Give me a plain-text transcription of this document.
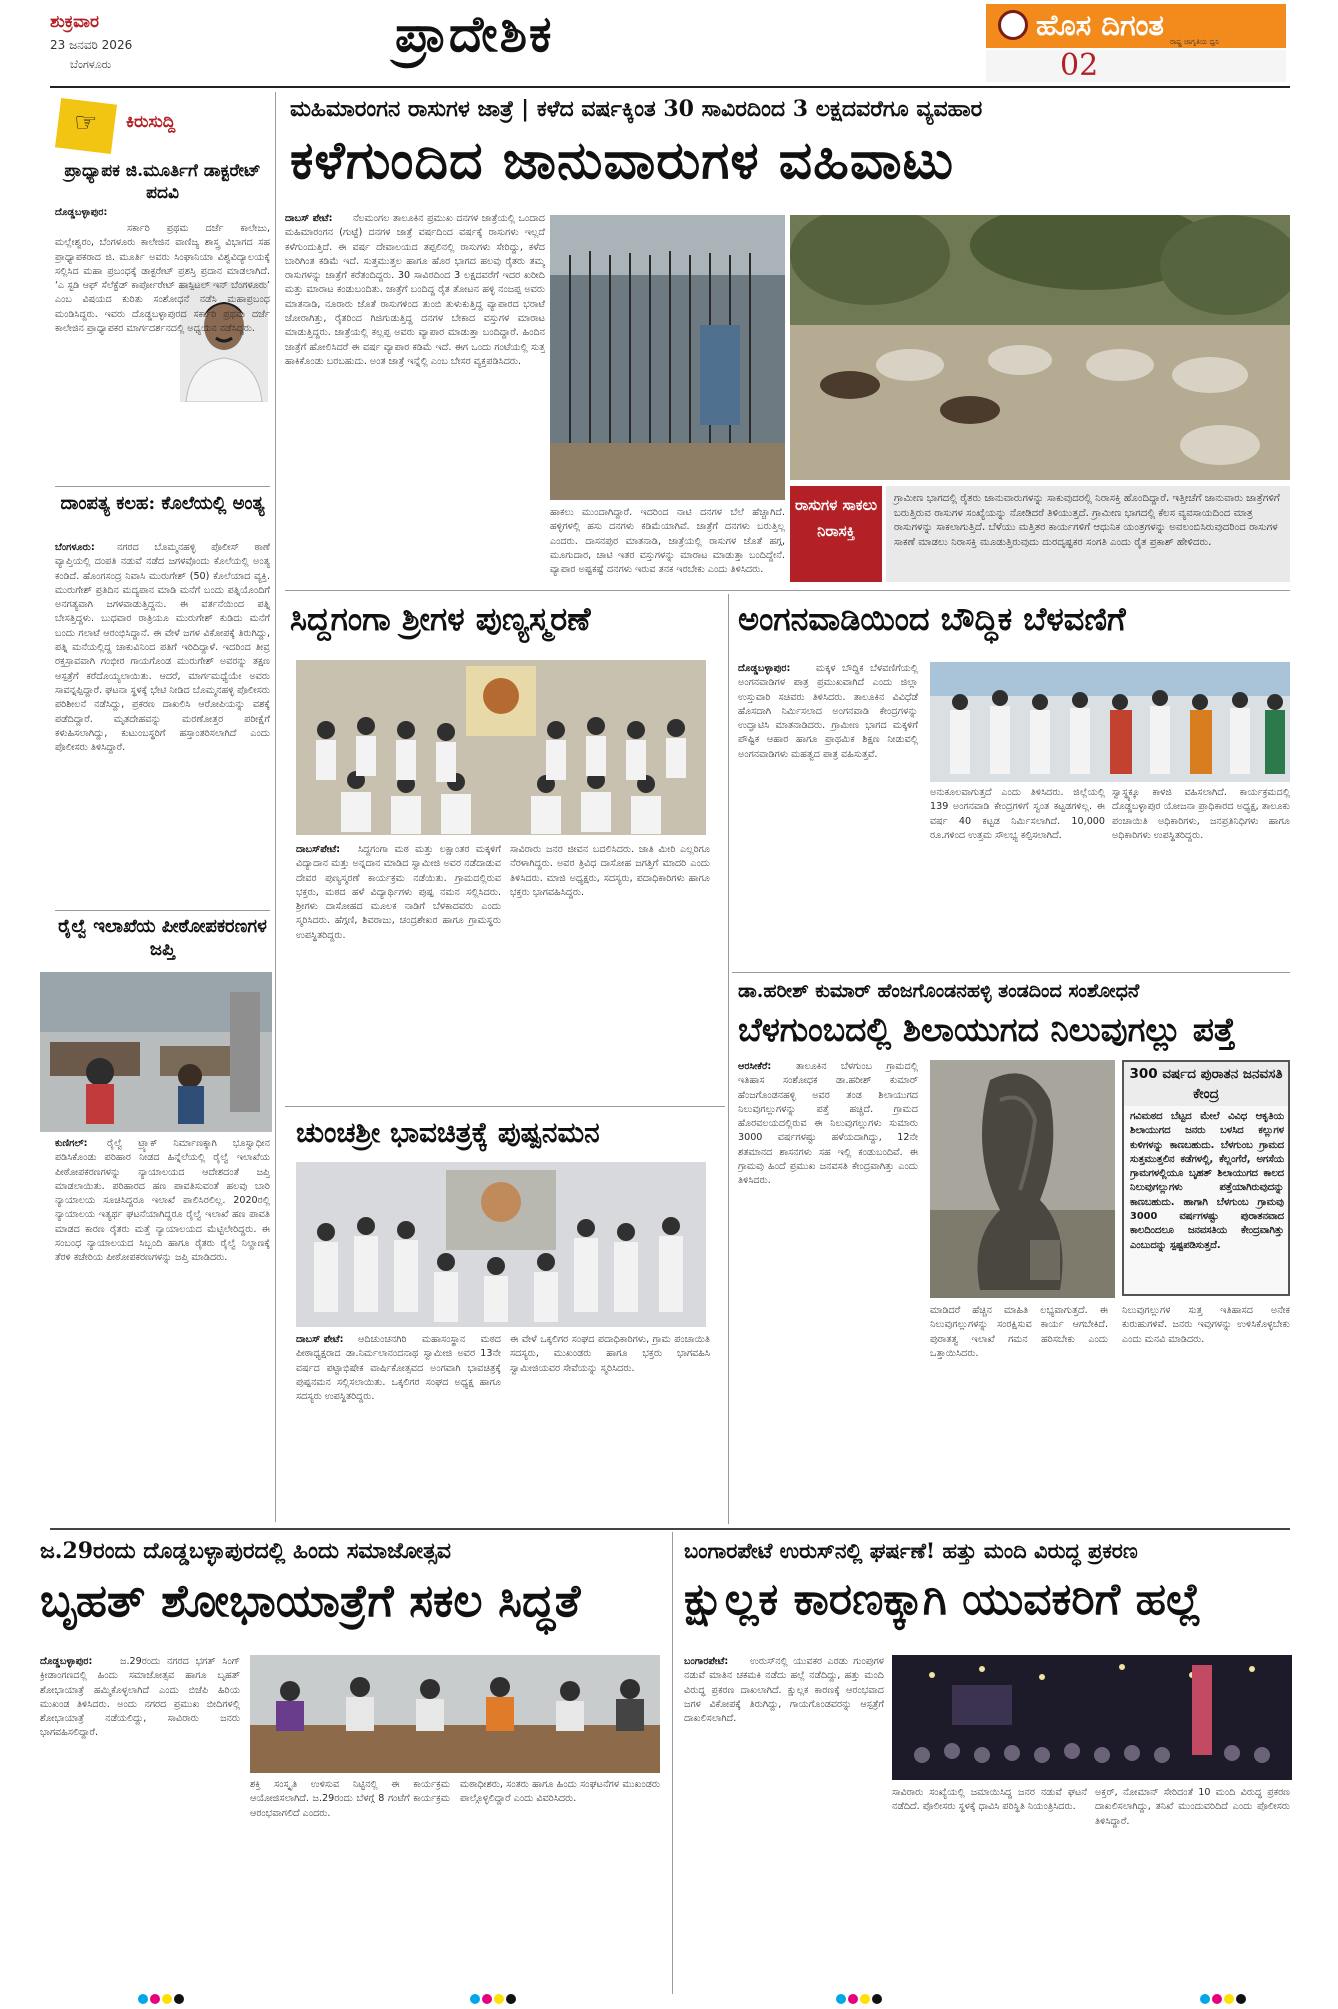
ಶುಕ್ರವಾರ
23 ಜನವರಿ 2026
ಬೆಂಗಳೂರು
ಪ್ರಾದೇಶಿಕ	ಹೊಸ ದಿಗಂತ ರಾಷ್ಟ್ರ ಜಾಗೃತಿಯ ಧ್ವನಿ
02
☞ ಕಿರುಸುದ್ದಿ
ಪ್ರಾಧ್ಯಾಪಕ ಜಿ.ಮೂರ್ತಿಗೆ ಡಾಕ್ಟರೇಟ್ ಪದವಿ
ದೊಡ್ಡಬಳ್ಳಾಪುರ:
ಸರ್ಕಾರಿ ಪ್ರಥಮ ದರ್ಜೆ ಕಾಲೇಜು, ಮಲ್ಲೇಶ್ವರಂ, ಬೆಂಗಳೂರು ಕಾಲೇಜಿನ ವಾಣಿಜ್ಯ ಶಾಸ್ತ್ರ ವಿಭಾಗದ ಸಹ ಪ್ರಾಧ್ಯಾಪಕರಾದ ಜಿ. ಮೂರ್ತಿ ಅವರು ಸಿಂಘಾನಿಯಾ ವಿಶ್ವವಿದ್ಯಾಲಯಕ್ಕೆ ಸಲ್ಲಿಸಿದ ಮಹಾ ಪ್ರಬಂಧಕ್ಕೆ ಡಾಕ್ಟರೇಟ್ ಪ್ರಶಸ್ತಿ ಪ್ರದಾನ ಮಾಡಲಾಗಿದೆ. ‘ಎ ಸ್ಟಡಿ ಆಫ್ ಸೆಲೆಕ್ಟೆಡ್ ಕಾರ್ಪೋರೇಟ್ ಹಾಸ್ಪಿಟಲ್ ಇನ್ ಬೆಂಗಳೂರು’ ಎಂಬ ವಿಷಯದ ಕುರಿತು ಸಂಶೋಧನೆ ನಡೆಸಿ ಮಹಾಪ್ರಬಂಧ ಮಂಡಿಸಿದ್ದರು. ಇವರು ದೊಡ್ಡಬಳ್ಳಾಪುರದ ಸರ್ಕಾರಿ ಪ್ರಥಮ ದರ್ಜೆ ಕಾಲೇಜಿನ ಪ್ರಾಧ್ಯಾಪಕರ ಮಾರ್ಗದರ್ಶನದಲ್ಲಿ ಅಧ್ಯಯನ ನಡೆಸಿದ್ದರು.
ದಾಂಪತ್ಯ ಕಲಹ: ಕೊಲೆಯಲ್ಲಿ ಅಂತ್ಯ
ಬೆಂಗಳೂರು:	ನಗರದ ಬೊಮ್ಮನಹಳ್ಳಿ ಪೊಲೀಸ್ ಠಾಣೆ ವ್ಯಾಪ್ತಿಯಲ್ಲಿ ದಂಪತಿ ನಡುವೆ ನಡೆದ ಜಗಳವೊಂದು ಕೊಲೆಯಲ್ಲಿ ಅಂತ್ಯ ಕಂಡಿದೆ. ಹೊಂಗಸಂದ್ರ ನಿವಾಸಿ ಮುರುಗೇಶ್ (50) ಕೊಲೆಯಾದ ವ್ಯಕ್ತಿ. ಮುರುಗೇಶ್ ಪ್ರತಿದಿನ ಮದ್ಯಪಾನ ಮಾಡಿ ಮನೆಗೆ ಬಂದು ಪತ್ನಿಯೊಂದಿಗೆ ಅನಗತ್ಯವಾಗಿ ಜಗಳವಾಡುತ್ತಿದ್ದನು. ಈ ವರ್ತನೆಯಿಂದ ಪತ್ನಿ ಬೇಸತ್ತಿದ್ದಳು. ಬುಧವಾರ ರಾತ್ರಿಯೂ ಮುರುಗೇಶ್ ಕುಡಿದು ಮನೆಗೆ ಬಂದು ಗಲಾಟೆ ಆರಂಭಿಸಿದ್ದಾನೆ. ಈ ವೇಳೆ ಜಗಳ ವಿಕೋಪಕ್ಕೆ ತಿರುಗಿದ್ದು, ಪತ್ನಿ ಮನೆಯಲ್ಲಿದ್ದ ಚಾಕುವಿನಿಂದ ಪತಿಗೆ ಇರಿದಿದ್ದಾಳೆ. ಇದರಿಂದ ತೀವ್ರ ರಕ್ತಸ್ರಾವವಾಗಿ ಗಂಭೀರ ಗಾಯಗೊಂಡ ಮುರುಗೇಶ್ ಅವರನ್ನು ತಕ್ಷಣ ಆಸ್ಪತ್ರೆಗೆ ಕರೆದೊಯ್ಯಲಾಯಿತು. ಆದರೆ, ಮಾರ್ಗಮಧ್ಯೆಯೇ ಅವರು ಸಾವನ್ನಪ್ಪಿದ್ದಾರೆ. ಘಟನಾ ಸ್ಥಳಕ್ಕೆ ಭೇಟಿ ನೀಡಿದ ಬೊಮ್ಮನಹಳ್ಳಿ ಪೊಲೀಸರು ಪರಿಶೀಲನೆ ನಡೆಸಿದ್ದು, ಪ್ರಕರಣ ದಾಖಲಿಸಿ ಆರೋಪಿಯನ್ನು ವಶಕ್ಕೆ ಪಡೆದಿದ್ದಾರೆ. ಮೃತದೇಹವನ್ನು ಮರಣೋತ್ತರ ಪರೀಕ್ಷೆಗೆ ಕಳುಹಿಸಲಾಗಿದ್ದು, ಕುಟುಂಬಸ್ಥರಿಗೆ ಹಸ್ತಾಂತರಿಸಲಾಗಿದೆ ಎಂದು ಪೊಲೀಸರು ತಿಳಿಸಿದ್ದಾರೆ.
ರೈಲ್ವೆ ಇಲಾಖೆಯ ಪೀಠೋಪಕರಣಗಳ ಜಪ್ತಿ
ಕುಣಿಗಲ್:	ರೈಲ್ವೆ ಟ್ರ್ಯಾಕ್ ನಿರ್ಮಾಣಕ್ಕಾಗಿ ಭೂಸ್ವಾಧೀನ ಪಡಿಸಿಕೊಂಡು ಪರಿಹಾರ ನೀಡದ ಹಿನ್ನೆಲೆಯಲ್ಲಿ ರೈಲ್ವೆ ಇಲಾಖೆಯ ಪೀಠೋಪಕರಣಗಳನ್ನು ನ್ಯಾಯಾಲಯದ ಆದೇಶದಂತೆ ಜಪ್ತಿ ಮಾಡಲಾಯಿತು. ಪರಿಹಾರದ ಹಣ ಪಾವತಿಸುವಂತೆ ಹಲವು ಬಾರಿ ನ್ಯಾಯಾಲಯ ಸೂಚಿಸಿದ್ದರೂ ಇಲಾಖೆ ಪಾಲಿಸಿರಲಿಲ್ಲ. 2020ರಲ್ಲಿ ನ್ಯಾಯಾಲಯ ಇತ್ಯರ್ಥ ಘಟನೆಯಾಗಿದ್ದರೂ ರೈಲ್ವೆ ಇಲಾಖೆ ಹಣ ಪಾವತಿ ಮಾಡದ ಕಾರಣ ರೈತರು ಮತ್ತೆ ನ್ಯಾಯಾಲಯದ ಮೆಟ್ಟಿಲೇರಿದ್ದರು. ಈ ಸಂಬಂಧ ನ್ಯಾಯಾಲಯದ ಸಿಬ್ಬಂದಿ ಹಾಗೂ ರೈತರು ರೈಲ್ವೆ ನಿಲ್ದಾಣಕ್ಕೆ ತೆರಳಿ ಕಚೇರಿಯ ಪೀಠೋಪಕರಣಗಳನ್ನು ಜಪ್ತಿ ಮಾಡಿದರು.
ಮಹಿಮಾರಂಗನ ರಾಸುಗಳ ಜಾತ್ರೆ | ಕಳೆದ ವರ್ಷಕ್ಕಿಂತ 30 ಸಾವಿರದಿಂದ 3 ಲಕ್ಷದವರೆಗೂ ವ್ಯವಹಾರ
ಕಳೆಗುಂದಿದ ಜಾನುವಾರುಗಳ ವಹಿವಾಟು
ದಾಬಸ್ ಪೇಟೆ:	ನೆಲಮಂಗಲ ತಾಲೂಕಿನ ಪ್ರಮುಖ ದನಗಳ ಜಾತ್ರೆಯಲ್ಲಿ ಒಂದಾದ ಮಹಿಮಾರಂಗನ (ಗುಟ್ಟೆ) ದನಗಳ ಜಾತ್ರೆ ವರ್ಷದಿಂದ ವರ್ಷಕ್ಕೆ ರಾಸುಗಳು ಇಲ್ಲದೆ ಕಳೆಗುಂದುತ್ತಿದೆ. ಈ ವರ್ಷ ದೇವಾಲಯದ ತಪ್ಪಲಿನಲ್ಲಿ ರಾಸುಗಳು ಸೇರಿದ್ದು, ಕಳೆದ ಬಾರಿಗಿಂತ ಕಡಿಮೆ ಇದೆ. ಸುತ್ತಮುತ್ತಲ ಹಾಗೂ ಹೊರ ಭಾಗದ ಹಲವು ರೈತರು ತಮ್ಮ ರಾಸುಗಳನ್ನು ಜಾತ್ರೆಗೆ ಕರೆತಂದಿದ್ದರು. 30 ಸಾವಿರದಿಂದ 3 ಲಕ್ಷದವರೆಗೆ ಇದರ ಖರೀದಿ ಮತ್ತು ಮಾರಾಟ ಕಂಡುಬಂದಿತು. ಜಾತ್ರೆಗೆ ಬಂದಿದ್ದ ರೈತ ತೋಟನ ಹಳ್ಳಿ ನಂಜಪ್ಪ ಅವರು ಮಾತನಾಡಿ, ನೂರಾರು ಜೊತೆ ರಾಸುಗಳಿಂದ ತುಂಬಿ ತುಳುಕುತ್ತಿದ್ದ ವ್ಯಾಪಾರದ ಭರಾಟೆ ಜೋರಾಗಿತ್ತು, ರೈತರಿಂದ ಗಿಜಿಗುಡುತ್ತಿದ್ದ ದನಗಳ ಬೇಕಾದ ವಸ್ತುಗಳ ಮಾರಾಟ ಮಾಡುತ್ತಿದ್ದರು. ಜಾತ್ರೆಯಲ್ಲಿ ಕಲ್ಲಪ್ಪ ಅವರು ವ್ಯಾಪಾರ ಮಾಡುತ್ತಾ ಬಂದಿದ್ದಾರೆ. ಹಿಂದಿನ ಜಾತ್ರೆಗೆ ಹೋಲಿಸಿದರೆ ಈ ವರ್ಷ ವ್ಯಾಪಾರ ಕಡಿಮೆ ಇದೆ. ಈಗ ಒಂದು ಗಂಟೆಯಲ್ಲಿ ಸುತ್ತ ಹಾಕಿಕೊಂಡು ಬರಬಹುದು. ಅಂತ ಜಾತ್ರೆ ಇನ್ನೆಲ್ಲಿ ಎಂಬ ಬೇಸರ ವ್ಯಕ್ತಪಡಿಸಿದರು.
ಹಾಕಲು ಮುಂದಾಗಿದ್ದಾರೆ. ಇದರಿಂದ ನಾಟಿ ದನಗಳ ಬೆಲೆ ಹೆಚ್ಚಾಗಿದೆ. ಹಳ್ಳಿಗಳಲ್ಲಿ ಹಸು ದನಗಳು ಕಡಿಮೆಯಾಗಿವೆ. ಜಾತ್ರೆಗೆ ದನಗಳು ಬರುತ್ತಿಲ್ಲ ಎಂದರು. ದಾಸನಪುರ ಮಾತನಾಡಿ, ಜಾತ್ರೆಯಲ್ಲಿ ರಾಸುಗಳ ಜೊತೆ ಹಗ್ಗ, ಮೂಗುದಾರ, ಚಾಟಿ ಇತರ ವಸ್ತುಗಳನ್ನು ಮಾರಾಟ ಮಾಡುತ್ತಾ ಬಂದಿದ್ದೇನೆ. ವ್ಯಾಪಾರ ಅಷ್ಟಕಷ್ಟೆ ದನಗಳು ಇರುವ ತನಕ ಇರಬೇಕು ಎಂದು ತಿಳಿಸಿದರು.
ರಾಸುಗಳ ಸಾಕಲು ನಿರಾಸಕ್ತಿ
ಗ್ರಾಮೀಣ ಭಾಗದಲ್ಲಿ ರೈತರು ಜಾನುವಾರುಗಳನ್ನು ಸಾಕುವುದರಲ್ಲಿ ನಿರಾಸಕ್ತಿ ಹೊಂದಿದ್ದಾರೆ. ಇತ್ತೀಚೆಗೆ ಜಾನುವಾರು ಜಾತ್ರೆಗಳಿಗೆ ಬರುತ್ತಿರುವ ರಾಸುಗಳ ಸಂಖ್ಯೆಯನ್ನು ನೋಡಿದರೆ ತಿಳಿಯುತ್ತದೆ. ಗ್ರಾಮೀಣ ಭಾಗದಲ್ಲಿ ಕೆಲಸ ವ್ಯವಸಾಯದಿಂದ ಮಾತ್ರ ರಾಸುಗಳನ್ನು ಸಾಕಲಾಗುತ್ತಿದೆ. ಬೆಳೆಯು ಮತ್ತಿತರ ಕಾರ್ಯಗಳಿಗೆ ಆಧುನಿಕ ಯಂತ್ರಗಳನ್ನು ಅವಲಂಬಿಸಿರುವುದರಿಂದ ರಾಸುಗಳ ಸಾಕಣೆ ಮಾಡಲು ನಿರಾಸಕ್ತಿ ಮೂಡುತ್ತಿರುವುದು ದುರದೃಷ್ಟಕರ ಸಂಗತಿ ಎಂದು ರೈತ ಪ್ರಕಾಶ್ ಹೇಳಿದರು.
ಸಿದ್ದಗಂಗಾ ಶ್ರೀಗಳ ಪುಣ್ಯಸ್ಮರಣೆ
ದಾಬಸ್‌ಪೇಟೆ:	ಸಿದ್ದಗಂಗಾ ಮಠ ಮತ್ತು ಲಕ್ಷಾಂತರ ಮಕ್ಕಳಿಗೆ ವಿದ್ಯಾದಾನ ಮತ್ತು ಅನ್ನದಾನ ಮಾಡಿದ ಸ್ವಾಮೀಜಿ ಅವರ ನಡೆದಾಡುವ ದೇವರ ಪುಣ್ಯಸ್ಮರಣೆ ಕಾರ್ಯಕ್ರಮ ನಡೆಯಿತು. ಗ್ರಾಮದಲ್ಲಿರುವ ಭಕ್ತರು, ಮಠದ ಹಳೆ ವಿದ್ಯಾರ್ಥಿಗಳು ಪುಷ್ಪ ನಮನ ಸಲ್ಲಿಸಿದರು. ಶ್ರೀಗಳು ದಾಸೋಹದ ಮೂಲಕ ನಾಡಿಗೆ ಬೆಳಕಾದವರು ಎಂದು ಸ್ಮರಿಸಿದರು. ಹೆಗ್ಗಣಿ, ಶಿವರಾಜು, ಚಂದ್ರಶೇಖರ ಹಾಗೂ ಗ್ರಾಮಸ್ಥರು ಉಪಸ್ಥಿತರಿದ್ದರು.
ಸಾವಿರಾರು ಜನರ ಜೀವನ ಬದಲಿಸಿದರು. ಜಾತಿ ಮೀರಿ ಎಲ್ಲರಿಗೂ ನೆರಳಾಗಿದ್ದರು. ಅವರ ತ್ರಿವಿಧ ದಾಸೋಹ ಜಗತ್ತಿಗೆ ಮಾದರಿ ಎಂದು ತಿಳಿಸಿದರು. ಮಾಜಿ ಅಧ್ಯಕ್ಷರು, ಸದಸ್ಯರು, ಪದಾಧಿಕಾರಿಗಳು ಹಾಗೂ ಭಕ್ತರು ಭಾಗವಹಿಸಿದ್ದರು.
ಚುಂಚಶ್ರೀ ಭಾವಚಿತ್ರಕ್ಕೆ ಪುಷ್ಪನಮನ
ದಾಬಸ್ ಪೇಟೆ:	ಆದಿಚುಂಚನಗಿರಿ ಮಹಾಸಂಸ್ಥಾನ ಮಠದ ಪೀಠಾಧ್ಯಕ್ಷರಾದ ಡಾ.ನಿರ್ಮಲಾನಂದನಾಥ ಸ್ವಾಮೀಜಿ ಅವರ 13ನೇ ವರ್ಷದ ಪಟ್ಟಾಭಿಷೇಕ ವಾರ್ಷಿಕೋತ್ಸವದ ಅಂಗವಾಗಿ ಭಾವಚಿತ್ರಕ್ಕೆ ಪುಷ್ಪನಮನ ಸಲ್ಲಿಸಲಾಯಿತು. ಒಕ್ಕಲಿಗರ ಸಂಘದ ಅಧ್ಯಕ್ಷ ಹಾಗೂ ಸದಸ್ಯರು ಉಪಸ್ಥಿತರಿದ್ದರು.
ಈ ವೇಳೆ ಒಕ್ಕಲಿಗರ ಸಂಘದ ಪದಾಧಿಕಾರಿಗಳು, ಗ್ರಾಮ ಪಂಚಾಯಿತಿ ಸದಸ್ಯರು, ಮುಖಂಡರು ಹಾಗೂ ಭಕ್ತರು ಭಾಗವಹಿಸಿ ಸ್ವಾಮೀಜಿಯವರ ಸೇವೆಯನ್ನು ಸ್ಮರಿಸಿದರು.
ಅಂಗನವಾಡಿಯಿಂದ ಬೌದ್ಧಿಕ ಬೆಳವಣಿಗೆ
ದೊಡ್ಡಬಳ್ಳಾಪುರ:	ಮಕ್ಕಳ ಬೌದ್ಧಿಕ ಬೆಳವಣಿಗೆಯಲ್ಲಿ ಅಂಗನವಾಡಿಗಳ ಪಾತ್ರ ಪ್ರಮುಖವಾಗಿದೆ ಎಂದು ಜಿಲ್ಲಾ ಉಸ್ತುವಾರಿ ಸಚಿವರು ತಿಳಿಸಿದರು. ತಾಲೂಕಿನ ವಿವಿಧೆಡೆ ಹೊಸದಾಗಿ ನಿರ್ಮಿಸಲಾದ ಅಂಗನವಾಡಿ ಕೇಂದ್ರಗಳನ್ನು ಉದ್ಘಾಟಿಸಿ ಮಾತನಾಡಿದರು. ಗ್ರಾಮೀಣ ಭಾಗದ ಮಕ್ಕಳಿಗೆ ಪೌಷ್ಟಿಕ ಆಹಾರ ಹಾಗೂ ಪ್ರಾಥಮಿಕ ಶಿಕ್ಷಣ ನೀಡುವಲ್ಲಿ ಅಂಗನವಾಡಿಗಳು ಮಹತ್ವದ ಪಾತ್ರ ವಹಿಸುತ್ತವೆ.
ಅನುಕೂಲವಾಗುತ್ತದೆ ಎಂದು ತಿಳಿಸಿದರು. ಜಿಲ್ಲೆಯಲ್ಲಿ 139 ಅಂಗನವಾಡಿ ಕೇಂದ್ರಗಳಿಗೆ ಸ್ವಂತ ಕಟ್ಟಡಗಳಿಲ್ಲ. ಈ ವರ್ಷ 40 ಕಟ್ಟಡ ನಿರ್ಮಿಸಲಾಗಿದೆ. 10,000 ರೂ.ಗಳಿಂದ ಉತ್ತಮ ಸೌಲಭ್ಯ ಕಲ್ಪಿಸಲಾಗಿದೆ.
ಸ್ವಾಸ್ಥ್ಯಕ್ಕೂ ಕಾಳಜಿ ವಹಿಸಲಾಗಿದೆ. ಕಾರ್ಯಕ್ರಮದಲ್ಲಿ ದೊಡ್ಡಬಳ್ಳಾಪುರ ಯೋಜನಾ ಪ್ರಾಧಿಕಾರದ ಅಧ್ಯಕ್ಷ, ತಾಲೂಕು ಪಂಚಾಯಿತಿ ಅಧಿಕಾರಿಗಳು, ಜನಪ್ರತಿನಿಧಿಗಳು ಹಾಗೂ ಅಧಿಕಾರಿಗಳು ಉಪಸ್ಥಿತರಿದ್ದರು.
ಡಾ.ಹರೀಶ್ ಕುಮಾರ್ ಹೆಂಜಗೊಂಡನಹಳ್ಳಿ ತಂಡದಿಂದ ಸಂಶೋಧನೆ
ಬೆಳಗುಂಬದಲ್ಲಿ ಶಿಲಾಯುಗದ ನಿಲುವುಗಲ್ಲು ಪತ್ತೆ
ಆರಸೀಕೆರೆ:	ತಾಲೂಕಿನ ಬೆಳಗುಂಬ ಗ್ರಾಮದಲ್ಲಿ ಇತಿಹಾಸ ಸಂಶೋಧಕ ಡಾ.ಹರೀಶ್ ಕುಮಾರ್ ಹೆಂಜಗೊಂಡನಹಳ್ಳಿ ಅವರ ತಂಡ ಶಿಲಾಯುಗದ ನಿಲುವುಗಲ್ಲುಗಳನ್ನು ಪತ್ತೆ ಹಚ್ಚಿದೆ. ಗ್ರಾಮದ ಹೊರವಲಯದಲ್ಲಿರುವ ಈ ನಿಲುವುಗಲ್ಲುಗಳು ಸುಮಾರು 3000 ವರ್ಷಗಳಷ್ಟು ಹಳೆಯದಾಗಿದ್ದು, 12ನೇ ಶತಮಾನದ ಶಾಸನಗಳು ಸಹ ಇಲ್ಲಿ ಕಂಡುಬಂದಿವೆ. ಈ ಗ್ರಾಮವು ಹಿಂದೆ ಪ್ರಮುಖ ಜನವಸತಿ ಕೇಂದ್ರವಾಗಿತ್ತು ಎಂದು ತಿಳಿಸಿದರು.
ಮಾಡಿದರೆ ಹೆಚ್ಚಿನ ಮಾಹಿತಿ ಲಭ್ಯವಾಗುತ್ತದೆ. ಈ ನಿಲುವುಗಲ್ಲುಗಳನ್ನು ಸಂರಕ್ಷಿಸುವ ಕಾರ್ಯ ಆಗಬೇಕಿದೆ. ಪುರಾತತ್ವ ಇಲಾಖೆ ಗಮನ ಹರಿಸಬೇಕು ಎಂದು ಒತ್ತಾಯಿಸಿದರು.
300 ವರ್ಷದ ಪುರಾತನ ಜನವಸತಿ ಕೇಂದ್ರ
ಗವಿಮಠದ ಬೆಟ್ಟದ ಮೇಲೆ ವಿವಿಧ ಆಕೃತಿಯ ಶಿಲಾಯುಗದ ಜನರು ಬಳಸಿದ ಕಲ್ಲುಗಳ ಕುಳಿಗಳನ್ನು ಕಾಣಬಹುದು. ಬೆಳಗುಂಬ ಗ್ರಾಮದ ಸುತ್ತಮುತ್ತಲಿನ ಕಡೆಗಳಲ್ಲಿ, ಕೆಲ್ಲಂಗೆರೆ, ಅಗಸೆಯ ಗ್ರಾಮಗಳಲ್ಲಿಯೂ ಬೃಹತ್ ಶಿಲಾಯುಗದ ಕಾಲದ ನಿಲುವುಗಲ್ಲುಗಳು ಪತ್ತೆಯಾಗಿರುವುದನ್ನು ಕಾಣಬಹುದು. ಹಾಗಾಗಿ ಬೆಳಗುಂಬ ಗ್ರಾಮವು 3000 ವರ್ಷಗಳಷ್ಟು ಪುರಾತನವಾದ ಕಾಲದಿಂದಲೂ ಜನವಸತಿಯ ಕೇಂದ್ರವಾಗಿತ್ತು ಎಂಬುದನ್ನು ಸ್ಪಷ್ಟಪಡಿಸುತ್ತದೆ.
ನಿಲುವುಗಲ್ಲುಗಳ ಸುತ್ತ ಇತಿಹಾಸದ ಅನೇಕ ಕುರುಹುಗಳಿವೆ. ಜನರು ಇವುಗಳನ್ನು ಉಳಿಸಿಕೊಳ್ಳಬೇಕು ಎಂದು ಮನವಿ ಮಾಡಿದರು.
ಜ.29ರಂದು ದೊಡ್ಡಬಳ್ಳಾಪುರದಲ್ಲಿ ಹಿಂದು ಸಮಾಜೋತ್ಸವ
ಬೃಹತ್ ಶೋಭಾಯಾತ್ರೆಗೆ ಸಕಲ ಸಿದ್ಧತೆ
ದೊಡ್ಡಬಳ್ಳಾಪುರ:	ಜ.29ರಂದು ನಗರದ ಭಗತ್ ಸಿಂಗ್ ಕ್ರೀಡಾಂಗಣದಲ್ಲಿ ಹಿಂದು ಸಮಾಜೋತ್ಸವ ಹಾಗೂ ಬೃಹತ್ ಶೋಭಾಯಾತ್ರೆ ಹಮ್ಮಿಕೊಳ್ಳಲಾಗಿದೆ ಎಂದು ಬಿಜೆಪಿ ಹಿರಿಯ ಮುಖಂಡ ತಿಳಿಸಿದರು. ಅಂದು ನಗರದ ಪ್ರಮುಖ ಬೀದಿಗಳಲ್ಲಿ ಶೋಭಾಯಾತ್ರೆ ನಡೆಯಲಿದ್ದು, ಸಾವಿರಾರು ಜನರು ಭಾಗವಹಿಸಲಿದ್ದಾರೆ.
ಶಕ್ತಿ ಸಂಸ್ಕೃತಿ ಉಳಿಸುವ ನಿಟ್ಟಿನಲ್ಲಿ ಈ ಕಾರ್ಯಕ್ರಮ ಆಯೋಜಿಸಲಾಗಿದೆ. ಜ.29ರಂದು ಬೆಳಗ್ಗೆ 8 ಗಂಟೆಗೆ ಕಾರ್ಯಕ್ರಮ ಆರಂಭವಾಗಲಿದೆ ಎಂದರು.
ಮಠಾಧೀಶರು, ಸಂತರು ಹಾಗೂ ಹಿಂದು ಸಂಘಟನೆಗಳ ಮುಖಂಡರು ಪಾಲ್ಗೊಳ್ಳಲಿದ್ದಾರೆ ಎಂದು ವಿವರಿಸಿದರು.
ಬಂಗಾರಪೇಟೆ ಉರುಸ್‌ನಲ್ಲಿ ಘರ್ಷಣೆ! ಹತ್ತು ಮಂದಿ ವಿರುದ್ಧ ಪ್ರಕರಣ
ಕ್ಷುಲ್ಲಕ ಕಾರಣಕ್ಕಾಗಿ ಯುವಕರಿಗೆ ಹಲ್ಲೆ
ಬಂಗಾರಪೇಟೆ:	ಉರುಸ್‌ನಲ್ಲಿ ಯುವಕರ ಎರಡು ಗುಂಪುಗಳ ನಡುವೆ ಮಾತಿನ ಚಕಮಕಿ ನಡೆದು ಹಲ್ಲೆ ನಡೆದಿದ್ದು, ಹತ್ತು ಮಂದಿ ವಿರುದ್ಧ ಪ್ರಕರಣ ದಾಖಲಾಗಿದೆ. ಕ್ಷುಲ್ಲಕ ಕಾರಣಕ್ಕೆ ಆರಂಭವಾದ ಜಗಳ ವಿಕೋಪಕ್ಕೆ ತಿರುಗಿದ್ದು, ಗಾಯಗೊಂಡವರನ್ನು ಆಸ್ಪತ್ರೆಗೆ ದಾಖಲಿಸಲಾಗಿದೆ.
ಸಾವಿರಾರು ಸಂಖ್ಯೆಯಲ್ಲಿ ಜಮಾಯಿಸಿದ್ದ ಜನರ ನಡುವೆ ಘಟನೆ ನಡೆದಿದೆ. ಪೊಲೀಸರು ಸ್ಥಳಕ್ಕೆ ಧಾವಿಸಿ ಪರಿಸ್ಥಿತಿ ನಿಯಂತ್ರಿಸಿದರು.
ಅಕ್ತರ್, ನೋಮಾನ್ ಸೇರಿದಂತೆ 10 ಮಂದಿ ವಿರುದ್ಧ ಪ್ರಕರಣ ದಾಖಲಿಸಲಾಗಿದ್ದು, ತನಿಖೆ ಮುಂದುವರಿದಿದೆ ಎಂದು ಪೊಲೀಸರು ತಿಳಿಸಿದ್ದಾರೆ.
